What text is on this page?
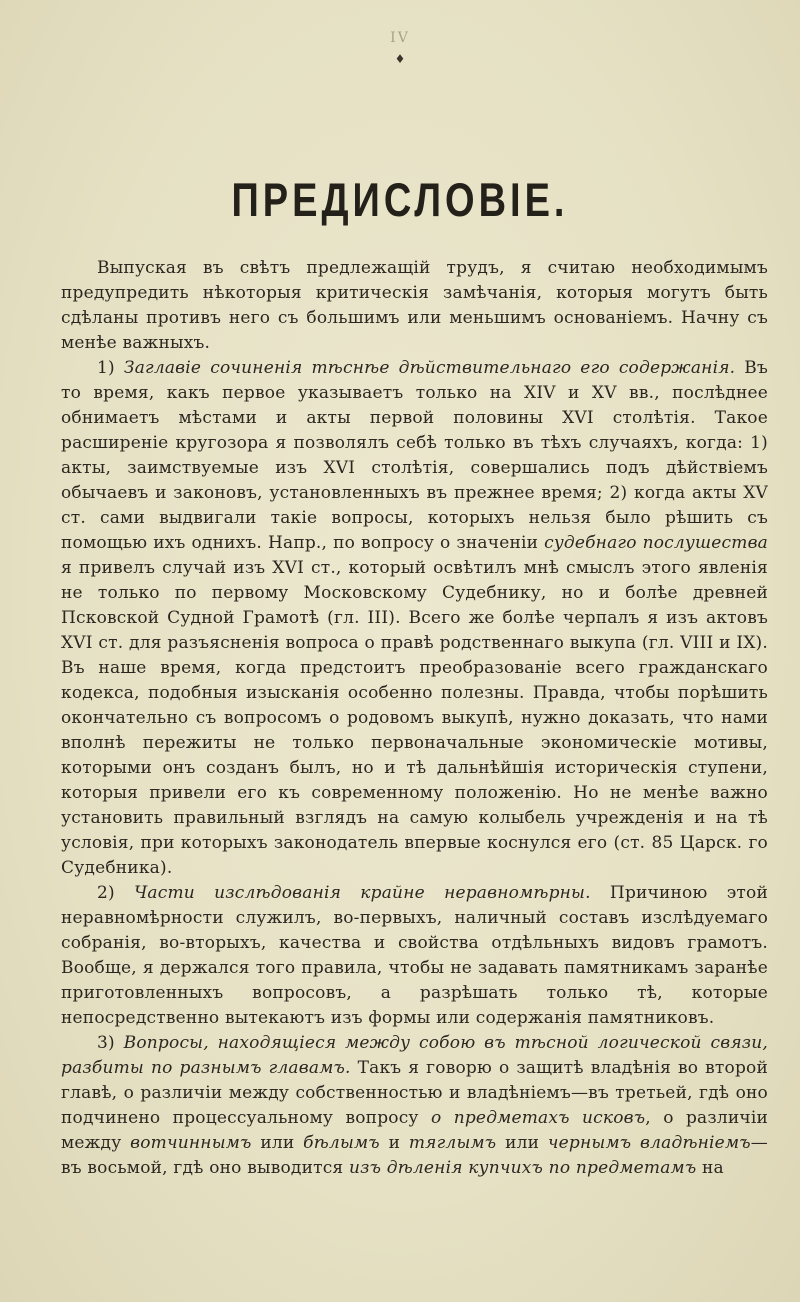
IV
♦
ПРЕДИСЛОВІЕ.

Выпуская въ свѣтъ предлежащій трудъ, я считаю необходимымъ предупредить нѣкоторыя критическія замѣчанія, которыя могутъ быть сдѣланы противъ него съ большимъ или меньшимъ основаніемъ. Начну съ менѣе важныхъ.

1) Заглавіе сочиненія тѣснѣе дѣйствительнаго его содержанія. Въ то время, какъ первое указываетъ только на XIV и XV вв., послѣднее обнимаетъ мѣстами и акты первой половины XVI столѣтія. Такое расширеніе кругозора я позволялъ себѣ только въ тѣхъ случаяхъ, когда: 1) акты, заимствуемые изъ XVI столѣтія, совершались подъ дѣйствіемъ обычаевъ и законовъ, установленныхъ въ прежнее время; 2) когда акты XV ст. сами выдвигали такіе вопросы, которыхъ нельзя было рѣшить съ помощью ихъ однихъ. Напр., по вопросу о значеніи судебнаго послушества я привелъ случай изъ XVI ст., который освѣтилъ мнѣ смыслъ этого явленія не только по первому Московскому Судебнику, но и болѣе древней Псковской Судной Грамотѣ (гл. III). Всего же болѣе черпалъ я изъ актовъ XVI ст. для разъясненія вопроса о правѣ родственнаго выкупа (гл. VIII и IX). Въ наше время, когда предстоитъ преобразованіе всего гражданскаго кодекса, подобныя изысканія особенно полезны. Правда, чтобы порѣшить окончательно съ вопросомъ о родовомъ выкупѣ, нужно доказать, что нами вполнѣ пережиты не только первоначальные экономическіе мотивы, которыми онъ созданъ былъ, но и тѣ дальнѣйшія историческія ступени, которыя привели его къ современному положенію. Но не менѣе важно установить правильный взглядъ на самую колыбель учрежденія и на тѣ условія, при которыхъ законодатель впервые коснулся его (ст. 85 Царск. го Судебника).

2) Части изслѣдованія крайне неравномѣрны. Причиною этой неравномѣрности служилъ, во-первыхъ, наличный составъ изслѣдуемаго собранія, во-вторыхъ, качества и свойства отдѣльныхъ видовъ грамотъ. Вообще, я держался того правила, чтобы не задавать памятникамъ заранѣе приготовленныхъ вопросовъ, а разрѣшать только тѣ, которые непосредственно вытекаютъ изъ формы или содержанія памятниковъ.

3) Вопросы, находящіеся между собою въ тѣсной логической связи, разбиты по разнымъ главамъ. Такъ я говорю о защитѣ владѣнія во второй главѣ, о различіи между собственностью и владѣніемъ—въ третьей, гдѣ оно подчинено процессуальному вопросу о предметахъ исковъ, о различіи между вотчиннымъ или бѣлымъ и тяглымъ или чернымъ владѣніемъ— въ восьмой, гдѣ оно выводится изъ дѣленія купчихъ по предметамъ на
